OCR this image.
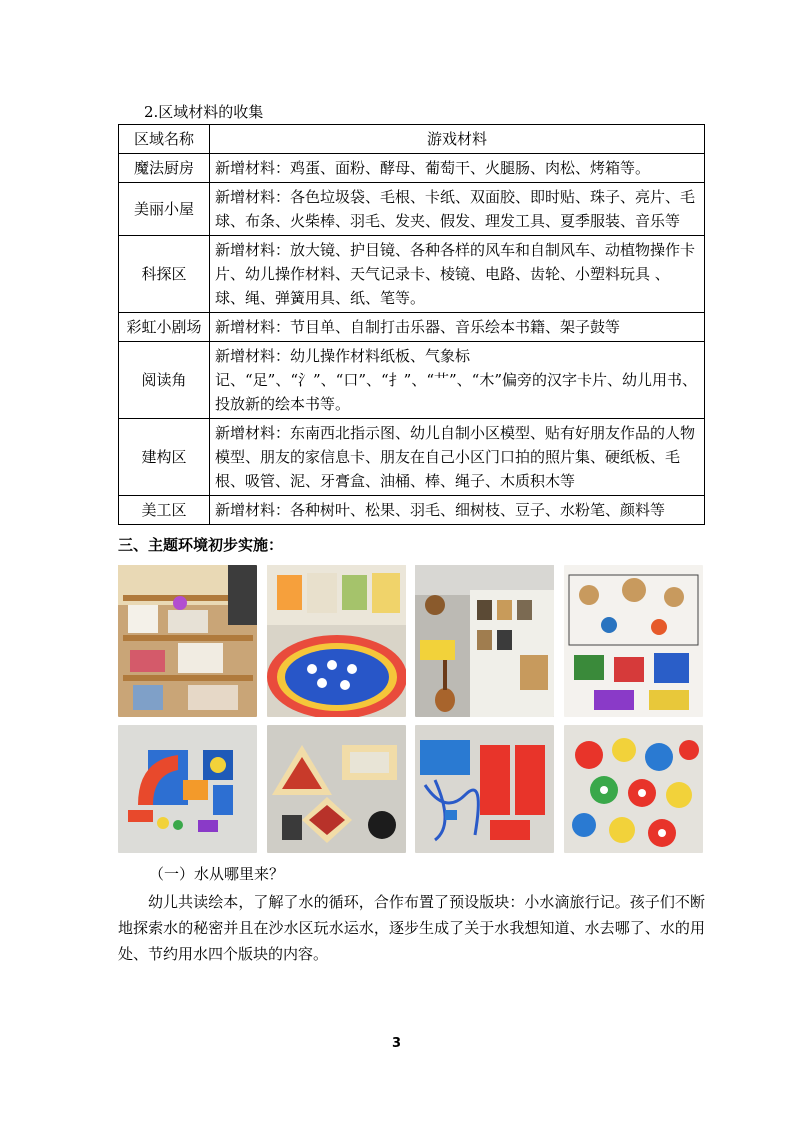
2.区域材料的收集
区域名称	游戏材料
魔法厨房	新增材料：鸡蛋、面粉、酵母、葡萄干、火腿肠、肉松、烤箱等。
美丽小屋	新增材料：各色垃圾袋、毛根、卡纸、双面胶、即时贴、珠子、亮片、毛球、布条、火柴棒、羽毛、发夹、假发、理发工具、夏季服装、音乐等
科探区	新增材料：放大镜、护目镜、各种各样的风车和自制风车、动植物操作卡片、幼儿操作材料、天气记录卡、棱镜、电路、齿轮、小塑料玩具 、球、绳、弹簧用具、纸、笔等。
彩虹小剧场	新增材料：节目单、自制打击乐器、音乐绘本书籍、架子鼓等
阅读角	新增材料：幼儿操作材料纸板、气象标记、“足”、“氵”、“口”、“扌”、“艹”、“木”偏旁的汉字卡片、幼儿用书、投放新的绘本书等。
建构区	新增材料：东南西北指示图、幼儿自制小区模型、贴有好朋友作品的人物模型、朋友的家信息卡、朋友在自己小区门口拍的照片集、硬纸板、毛根、吸管、泥、牙膏盒、油桶、棒、绳子、木质积木等
美工区	新增材料：各种树叶、松果、羽毛、细树枝、豆子、水粉笔、颜料等
三、主题环境初步实施：
（一）水从哪里来？
幼儿共读绘本，了解了水的循环，合作布置了预设版块：小水滴旅行记。孩子们不断地探索水的秘密并且在沙水区玩水运水，逐步生成了关于水我想知道、水去哪了、水的用处、节约用水四个版块的内容。
3
